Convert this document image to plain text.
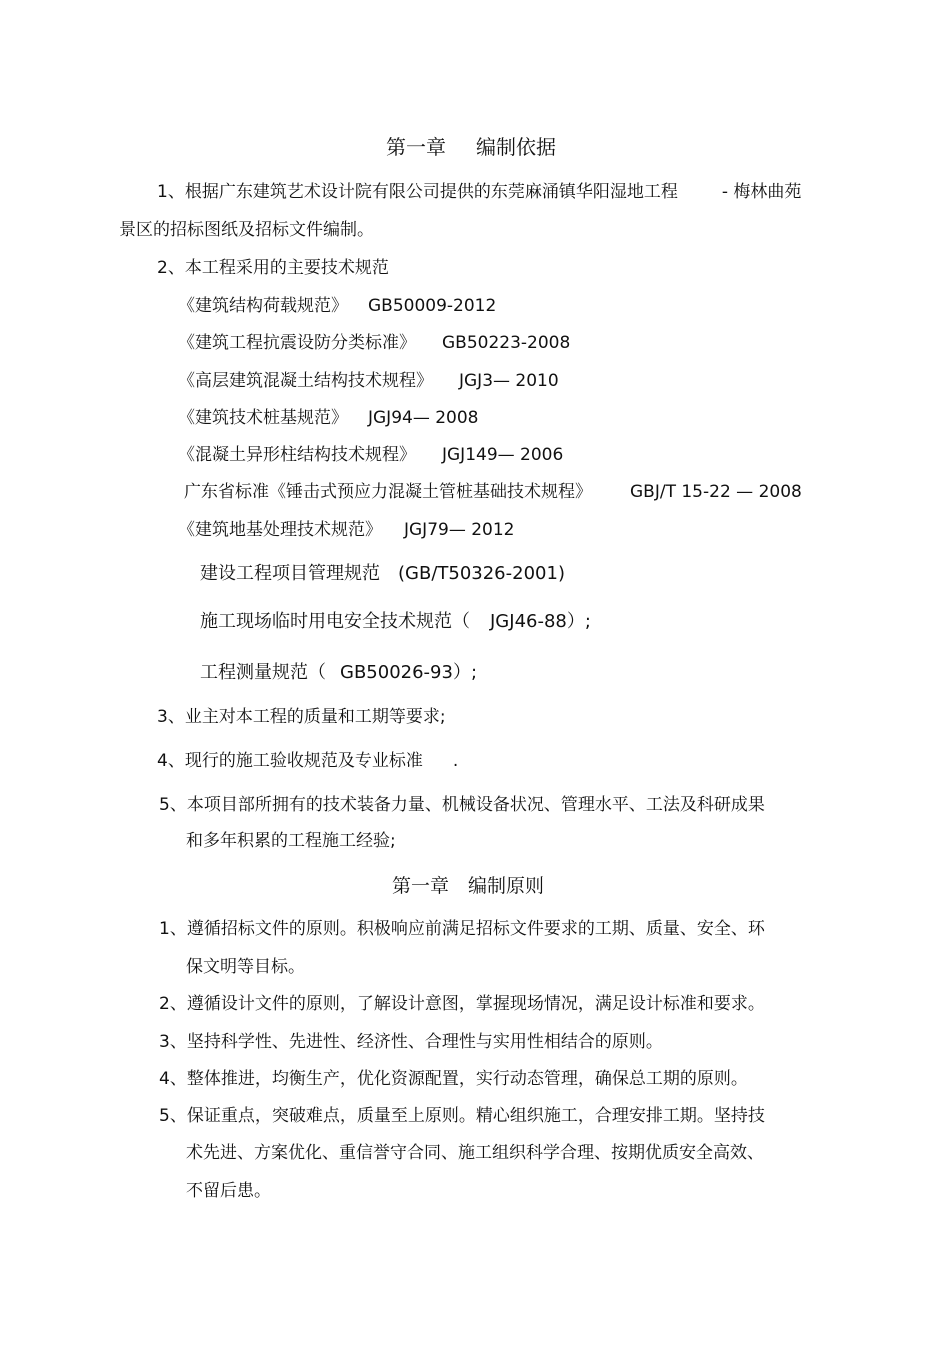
第一章 编制依据
1、根据广东建筑艺术设计院有限公司提供的东莞麻涌镇华阳湿地工程	- 梅林曲苑
景区的招标图纸及招标文件编制。
2、本工程采用的主要技术规范
《建筑结构荷载规范》 GB50009-2012
《建筑工程抗震设防分类标准》 GB50223-2008
《高层建筑混凝土结构技术规程》 JGJ3— 2010
《建筑技术桩基规范》 JGJ94— 2008
《混凝土异形柱结构技术规程》 JGJ149— 2006
广东省标准《锤击式预应力混凝土管桩基础技术规程》 GBJ/T 15-22 — 2008
《建筑地基处理技术规范》 JGJ79— 2012
建设工程项目管理规范　(GB/T50326-2001)
施工现场临时用电安全技术规范（ JGJ46-88）;
工程测量规范（ GB50026-93）;
3、业主对本工程的质量和工期等要求;
4、现行的施工验收规范及专业标准 .
5、本项目部所拥有的技术装备力量、机械设备状况、管理水平、工法及科研成果
和多年积累的工程施工经验;
第一章　编制原则
1、遵循招标文件的原则。积极响应前满足招标文件要求的工期、质量、安全、环
保文明等目标。
2、遵循设计文件的原则，了解设计意图，掌握现场情况，满足设计标准和要求。
3、坚持科学性、先进性、经济性、合理性与实用性相结合的原则。
4、整体推进，均衡生产，优化资源配置，实行动态管理，确保总工期的原则。
5、保证重点，突破难点，质量至上原则。精心组织施工，合理安排工期。坚持技
术先进、方案优化、重信誉守合同、施工组织科学合理、按期优质安全高效、
不留后患。
